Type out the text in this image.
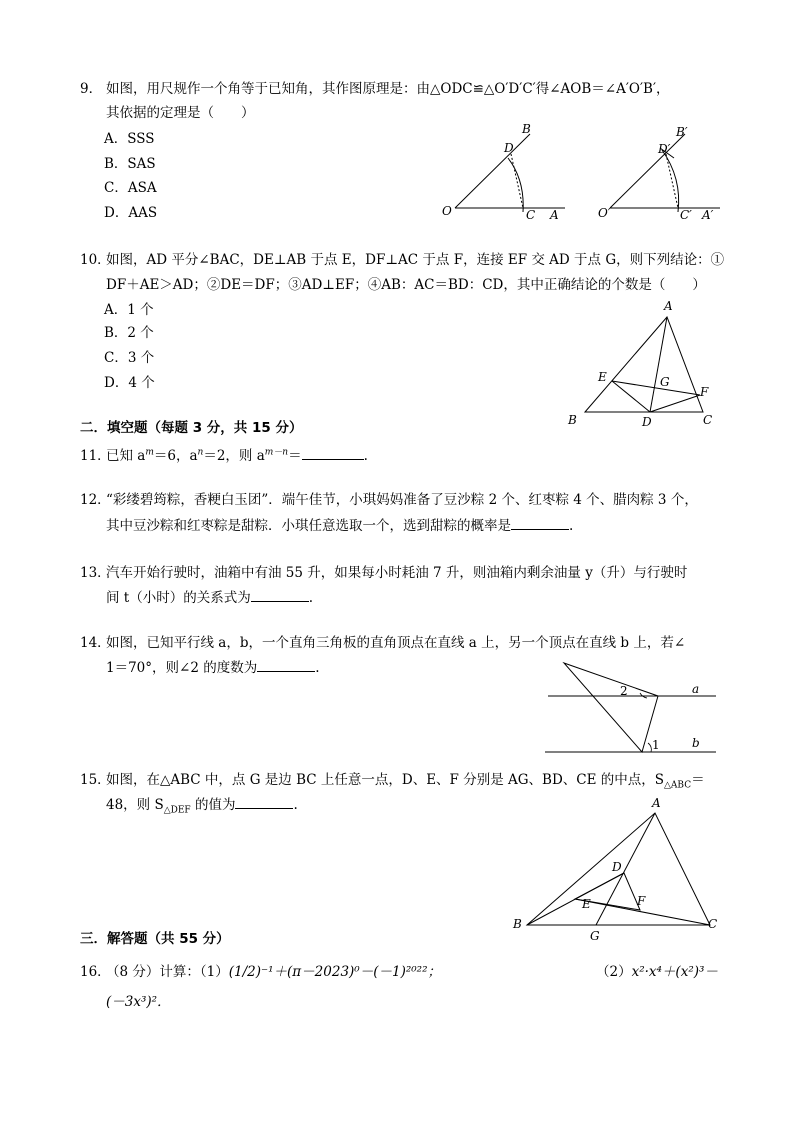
9． 如图，用尺规作一个角等于已知角，其作图原理是：由△ODC≌△O′D′C′得∠AOB＝∠A′O′B′，
其依据的定理是（　　）
A．SSS
B．SAS
C．ASA
D．AAS
B
D
O	C A
B′
D′
O′	C′ A′
10．
如图，AD 平分∠BAC，DE⊥AB 于点 E，DF⊥AC 于点 F，连接 EF 交 AD 于点 G，则下列结论：①
DF＋AE＞AD；②DE＝DF；③AD⊥EF；④AB：AC＝BD：CD，其中正确结论的个数是（　　）
A．1 个
B．2 个
C．3 个
D．4 个
A
E	G
F
B	D	C
二．填空题（每题 3 分，共 15 分）
11．
已知 $a^m=6$，$a^n=2$，则 $a^{m-n}=$	.
12．
“彩缕碧筠粽，香粳白玉团”．端午佳节，小琪妈妈准备了豆沙粽 2 个、红枣粽 4 个、腊肉粽 3 个，
其中豆沙粽和红枣粽是甜粽．小琪任意选取一个，选到甜粽的概率是	.
13．
汽车开始行驶时，油箱中有油 55 升，如果每小时耗油 7 升，则油箱内剩余油量 y（升）与行驶时
间 t（小时）的关系式为	.
14．
如图，已知平行线 a，b，一个直角三角板的直角顶点在直线 a 上，另一个顶点在直线 b 上，若∠
1＝70°，则∠2 的度数为	.
2	a
1	b
15．
如图，在△ABC 中，点 G 是边 BC 上任意一点，D、E、F 分别是 AG、BD、CE 的中点，$S_{\triangle ABC}=$
48，则 $S_{\triangle DEF}$ 的值为	.	A
D
F
E
B
G
C
三．解答题（共 55 分）
16．
（8 分）计算：（1）(1/2)⁻¹＋(π－2023)⁰－(－1)²⁰²²；	（2）x²·x⁴＋(x²)³－
(－3x³)²．
